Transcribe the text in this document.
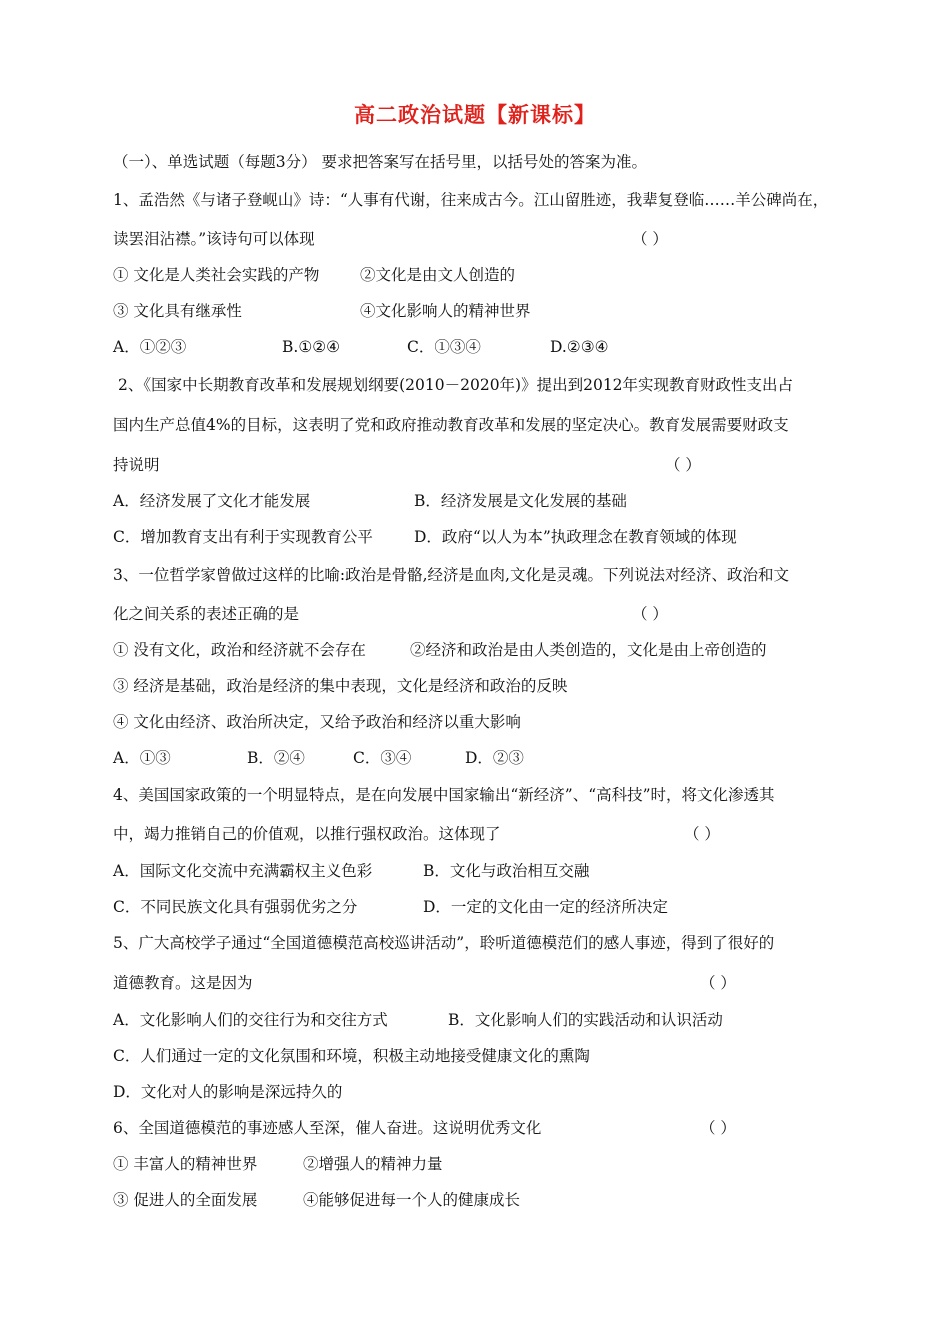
高二政治试题【新课标】
（一）、单选试题（每题3分） 要求把答案写在括号里，以括号处的答案为准。
1、孟浩然《与诸子登岘山》诗：“人事有代谢，往来成古今。江山留胜迹，我辈复登临……羊公碑尚在，
读罢泪沾襟。”该诗句可以体现	（ ）
① 文化是人类社会实践的产物	②文化是由文人创造的
③ 文化具有继承性	④文化影响人的精神世界
A．①②③	B.①②④	C．①③④	D.②③④
2、《国家中长期教育改革和发展规划纲要(2010－2020年)》提出到2012年实现教育财政性支出占
国内生产总值4%的目标，这表明了党和政府推动教育改革和发展的坚定决心。教育发展需要财政支
持说明	（ ）
A．经济发展了文化才能发展	B．经济发展是文化发展的基础
C．增加教育支出有利于实现教育公平	D．政府“以人为本”执政理念在教育领域的体现
3、一位哲学家曾做过这样的比喻:政治是骨骼,经济是血肉,文化是灵魂。下列说法对经济、政治和文
化之间关系的表述正确的是	（ ）
① 没有文化，政治和经济就不会存在	②经济和政治是由人类创造的，文化是由上帝创造的
③ 经济是基础，政治是经济的集中表现，文化是经济和政治的反映
④ 文化由经济、政治所决定，又给予政治和经济以重大影响
A．①③	B．②④	C．③④	D．②③
4、美国国家政策的一个明显特点，是在向发展中国家输出“新经济”、“高科技”时，将文化渗透其
中，竭力推销自己的价值观，以推行强权政治。这体现了	（ ）
A．国际文化交流中充满霸权主义色彩	B．文化与政治相互交融
C．不同民族文化具有强弱优劣之分	D．一定的文化由一定的经济所决定
5、广大高校学子通过“全国道德模范高校巡讲活动”，聆听道德模范们的感人事迹，得到了很好的
道德教育。这是因为	（ ）
A．文化影响人们的交往行为和交往方式	B．文化影响人们的实践活动和认识活动
C．人们通过一定的文化氛围和环境，积极主动地接受健康文化的熏陶
D．文化对人的影响是深远持久的
6、全国道德模范的事迹感人至深，催人奋进。这说明优秀文化	（ ）
① 丰富人的精神世界	②增强人的精神力量
③ 促进人的全面发展	④能够促进每一个人的健康成长
